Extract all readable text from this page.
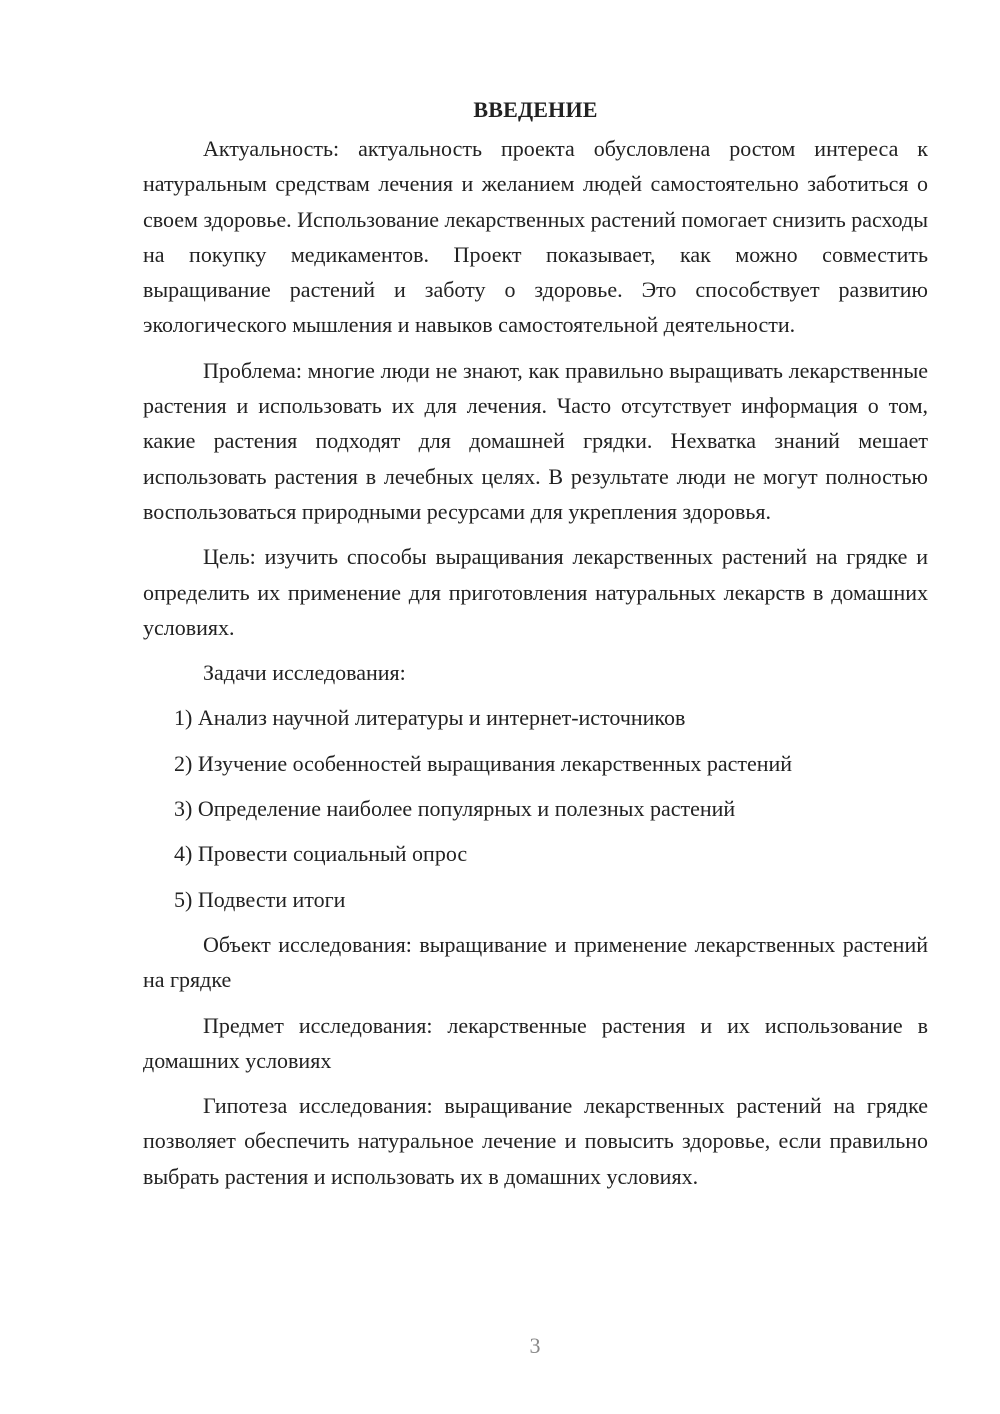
ВВЕДЕНИЕ

Актуальность: актуальность проекта обусловлена ростом интереса к натуральным средствам лечения и желанием людей самостоятельно заботиться о своем здоровье. Использование лекарственных растений помогает снизить расходы на покупку медикаментов. Проект показывает, как можно совместить выращивание растений и заботу о здоровье. Это способствует развитию экологического мышления и навыков самостоятельной деятельности.

Проблема: многие люди не знают, как правильно выращивать лекарственные растения и использовать их для лечения. Часто отсутствует информация о том, какие растения подходят для домашней грядки. Нехватка знаний мешает использовать растения в лечебных целях. В результате люди не могут полностью воспользоваться природными ресурсами для укрепления здоровья.

Цель: изучить способы выращивания лекарственных растений на грядке и определить их применение для приготовления натуральных лекарств в домашних условиях.

Задачи исследования:

1) Анализ научной литературы и интернет-источников
2) Изучение особенностей выращивания лекарственных растений
3) Определение наиболее популярных и полезных растений
4) Провести социальный опрос
5) Подвести итоги

Объект исследования: выращивание и применение лекарственных растений на грядке

Предмет исследования: лекарственные растения и их использование в домашних условиях

Гипотеза исследования: выращивание лекарственных растений на грядке позволяет обеспечить натуральное лечение и повысить здоровье, если правильно выбрать растения и использовать их в домашних условиях.

3
